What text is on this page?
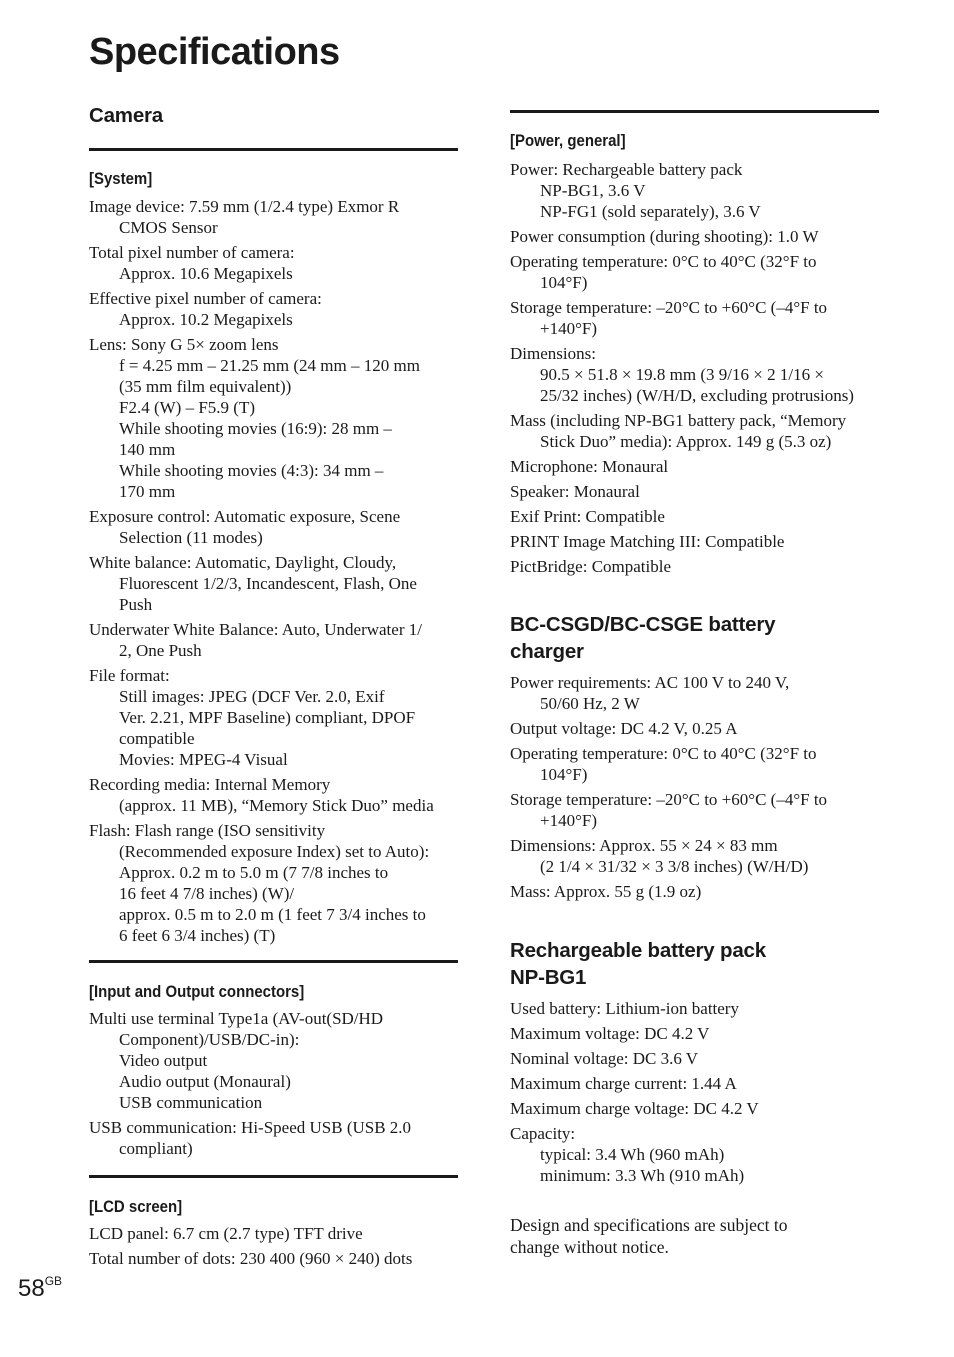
Specifications
Camera
[System]

Image device: 7.59 mm (1/2.4 type) Exmor R
CMOS Sensor

Total pixel number of camera:
Approx. 10.6 Megapixels

Effective pixel number of camera:
Approx. 10.2 Megapixels

Lens: Sony G 5× zoom lens
f = 4.25 mm – 21.25 mm (24 mm – 120 mm
(35 mm film equivalent))
F2.4 (W) – F5.9 (T)
While shooting movies (16:9): 28 mm –
140 mm
While shooting movies (4:3): 34 mm –
170 mm

Exposure control: Automatic exposure, Scene
Selection (11 modes)

White balance: Automatic, Daylight, Cloudy,
Fluorescent 1/2/3, Incandescent, Flash, One
Push

Underwater White Balance: Auto, Underwater 1/
2, One Push

File format:
Still images: JPEG (DCF Ver. 2.0, Exif
Ver. 2.21, MPF Baseline) compliant, DPOF
compatible
Movies: MPEG-4 Visual

Recording media: Internal Memory
(approx. 11 MB), “Memory Stick Duo” media

Flash: Flash range (ISO sensitivity
(Recommended exposure Index) set to Auto):
Approx. 0.2 m to 5.0 m (7 7/8 inches to
16 feet 4 7/8 inches) (W)/
approx. 0.5 m to 2.0 m (1 feet 7 3/4 inches to
6 feet 6 3/4 inches) (T)

[Input and Output connectors]

Multi use terminal Type1a (AV-out(SD/HD
Component)/USB/DC-in):
Video output
Audio output (Monaural)
USB communication

USB communication: Hi-Speed USB (USB 2.0
compliant)

[LCD screen]

LCD panel: 6.7 cm (2.7 type) TFT drive

Total number of dots: 230 400 (960 × 240) dots

[Power, general]

Power: Rechargeable battery pack
NP-BG1, 3.6 V
NP-FG1 (sold separately), 3.6 V

Power consumption (during shooting): 1.0 W

Operating temperature: 0°C to 40°C (32°F to
104°F)

Storage temperature: –20°C to +60°C (–4°F to
+140°F)

Dimensions:
90.5 × 51.8 × 19.8 mm (3 9/16 × 2 1/16 ×
25/32 inches) (W/H/D, excluding protrusions)

Mass (including NP-BG1 battery pack, “Memory
Stick Duo” media): Approx. 149 g (5.3 oz)

Microphone: Monaural

Speaker: Monaural

Exif Print: Compatible

PRINT Image Matching III: Compatible

PictBridge: Compatible

BC-CSGD/BC-CSGE battery
charger

Power requirements: AC 100 V to 240 V,
50/60 Hz, 2 W

Output voltage: DC 4.2 V, 0.25 A

Operating temperature: 0°C to 40°C (32°F to
104°F)

Storage temperature: –20°C to +60°C (–4°F to
+140°F)

Dimensions: Approx. 55 × 24 × 83 mm
(2 1/4 × 31/32 × 3 3/8 inches) (W/H/D)

Mass: Approx. 55 g (1.9 oz)

Rechargeable battery pack
NP-BG1

Used battery: Lithium-ion battery

Maximum voltage: DC 4.2 V

Nominal voltage: DC 3.6 V

Maximum charge current: 1.44 A

Maximum charge voltage: DC 4.2 V

Capacity:
typical: 3.4 Wh (960 mAh)
minimum: 3.3 Wh (910 mAh)

Design and specifications are subject to
change without notice.
$58^{GB}$
